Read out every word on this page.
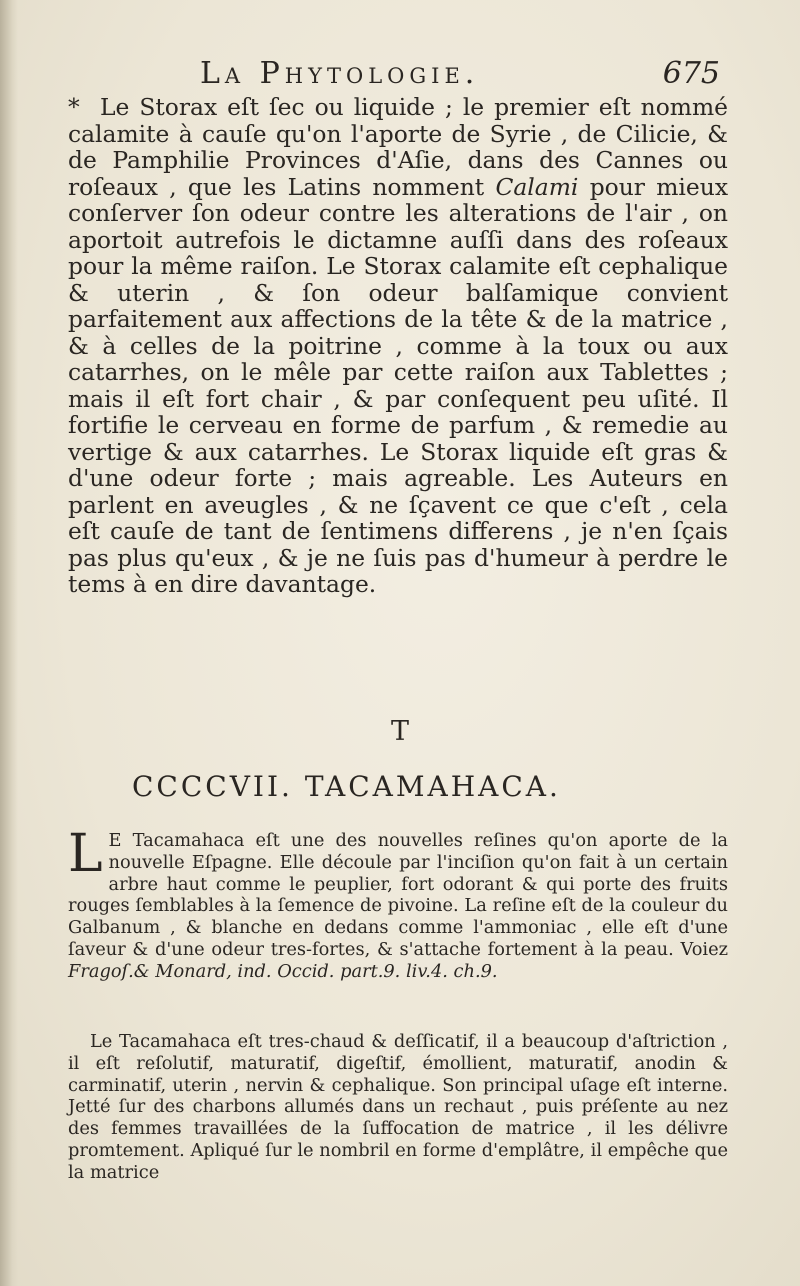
La Phytologie.	675
* Le Storax eſt ſec ou liquide ; le premier eſt nommé calamite à cauſe qu'on l'aporte de Syrie , de Cilicie, & de Pamphilie Provinces d'Aſie, dans des Cannes ou roſeaux , que les Latins nomment Calami pour mieux conſerver ſon odeur contre les alterations de l'air , on aportoit autrefois le dictamne auſſi dans des roſeaux pour la même raiſon. Le Storax calamite eſt cephalique & uterin , & ſon odeur balſamique convient parfaitement aux affections de la tête & de la matrice , & à celles de la poitrine , comme à la toux ou aux catarrhes, on le mêle par cette raiſon aux Tablettes ; mais il eſt fort chair , & par conſequent peu uſité. Il fortifie le cerveau en forme de parfum , & remedie au vertige & aux catarrhes. Le Storax liquide eſt gras & d'une odeur forte ; mais agreable. Les Auteurs en parlent en aveugles , & ne ſçavent ce que c'eſt , cela eſt cauſe de tant de ſentimens differens , je n'en ſçais pas plus qu'eux , & je ne ſuis pas d'humeur à perdre le tems à en dire davantage.
T
CCCCVII. TACAMAHACA.
L E Tacamahaca eſt une des nouvelles reſines qu'on aporte de la nouvelle Eſpagne. Elle découle par l'inciſion qu'on fait à un certain arbre haut comme le peuplier, fort odorant & qui porte des fruits rouges ſemblables à la ſemence de pivoine. La reſine eſt de la couleur du Galbanum , & blanche en dedans comme l'ammoniac , elle eſt d'une ſaveur & d'une odeur tres-fortes, & s'attache fortement à la peau. Voiez Fragoſ.& Monard, ind. Occid. part.9. liv.4. ch.9.
Le Tacamahaca eſt tres-chaud & deſſicatif, il a beaucoup d'aſtriction , il eſt reſolutif, maturatif, digeſtif, émollient, maturatif, anodin & carminatif, uterin , nervin & cephalique. Son principal uſage eſt interne. Jetté ſur des charbons allumés dans un rechaut , puis préſente au nez des femmes travaillées de la ſuffocation de matrice , il les délivre promtement. Apliqué ſur le nombril en forme d'emplâtre, il empêche que la matrice
